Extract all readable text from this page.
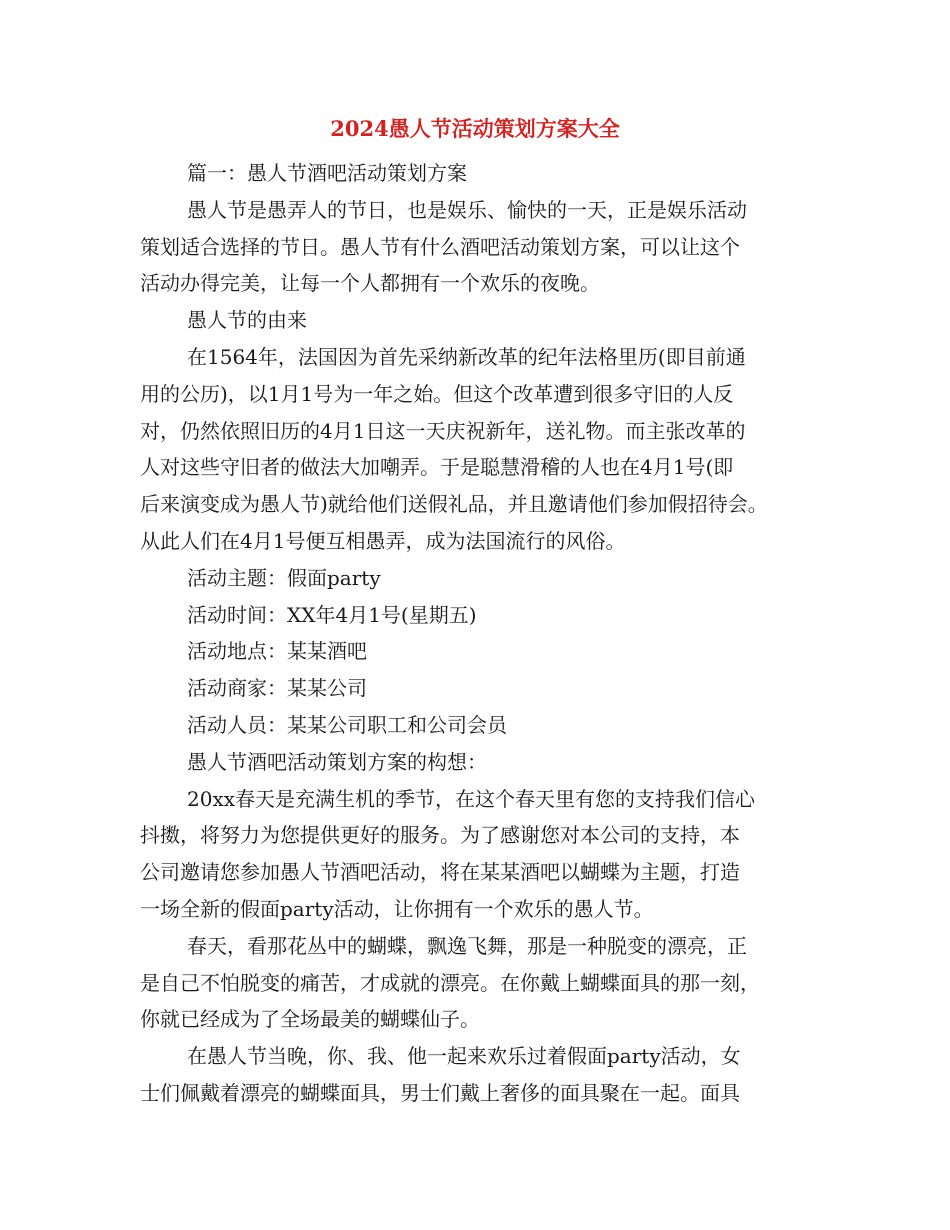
2024愚人节活动策划方案大全
篇一：愚人节酒吧活动策划方案
愚人节是愚弄人的节日，也是娱乐、愉快的一天，正是娱乐活动
策划适合选择的节日。愚人节有什么酒吧活动策划方案，可以让这个
活动办得完美，让每一个人都拥有一个欢乐的夜晚。
愚人节的由来
在1564年，法国因为首先采纳新改革的纪年法格里历(即目前通
用的公历)，以1月1号为一年之始。但这个改革遭到很多守旧的人反
对，仍然依照旧历的4月1日这一天庆祝新年，送礼物。而主张改革的
人对这些守旧者的做法大加嘲弄。于是聪慧滑稽的人也在4月1号(即
后来演变成为愚人节)就给他们送假礼品，并且邀请他们参加假招待会。
从此人们在4月1号便互相愚弄，成为法国流行的风俗。
活动主题：假面party
活动时间：XX年4月1号(星期五)
活动地点：某某酒吧
活动商家：某某公司
活动人员：某某公司职工和公司会员
愚人节酒吧活动策划方案的构想：
20xx春天是充满生机的季节，在这个春天里有您的支持我们信心
抖擞，将努力为您提供更好的服务。为了感谢您对本公司的支持，本
公司邀请您参加愚人节酒吧活动，将在某某酒吧以蝴蝶为主题，打造
一场全新的假面party活动，让你拥有一个欢乐的愚人节。
春天，看那花丛中的蝴蝶，飘逸飞舞，那是一种脱变的漂亮，正
是自己不怕脱变的痛苦，才成就的漂亮。在你戴上蝴蝶面具的那一刻，
你就已经成为了全场最美的蝴蝶仙子。
在愚人节当晚，你、我、他一起来欢乐过着假面party活动，女
士们佩戴着漂亮的蝴蝶面具，男士们戴上奢侈的面具聚在一起。面具
